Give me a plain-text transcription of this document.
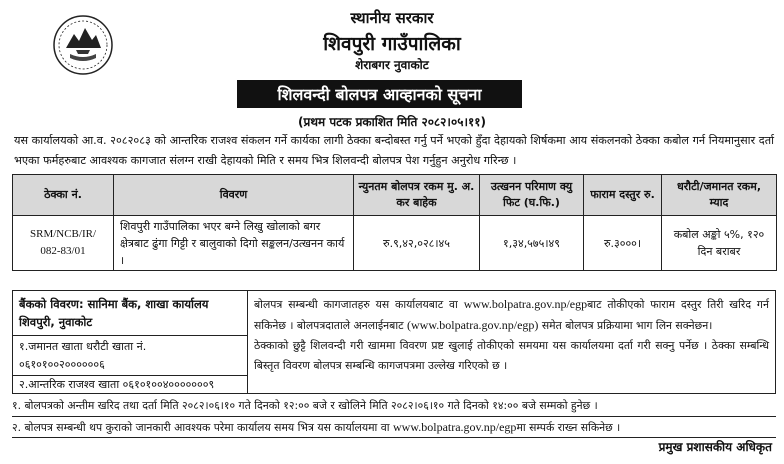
स्थानीय सरकार
शिवपुरी गाउँपालिका
शेराबगर नुवाकोट
शिलवन्दी बोलपत्र आव्हानको सूचना
(प्रथम पटक प्रकाशित मिति २०८२।०५।११)
यस कार्यालयको आ.व. २०८२०८३ को आन्तरिक राजश्व संकलन गर्ने कार्यका लागी ठेक्का बन्दोबस्त गर्नु पर्ने भएको हुँदा देहायको शिर्षकमा आय संकलनको ठेक्का कबोल गर्न नियमानुसार दर्ता भएका फर्महरुबाट आवश्यक कागजात संलग्न राखी देहायको मिति र समय भित्र शिलवन्दी बोलपत्र पेश गर्नुहुन अनुरोध गरिन्छ ।
ठेक्का नं.	विवरण	न्युनतम बोलपत्र रकम मु. अ. कर बाहेक	उत्खनन परिमाण क्यु फिट (घ.फि.)	फाराम दस्तुर रु.	धरौटी/जमानत रकम, म्याद
SRM/NCB/IR/ 082-83/01	शिवपुरी गाउँपालिका भएर बग्ने लिखु खोलाको बगर क्षेत्रबाट ढुंगा गिट्टी र बालुवाको दिगो सङ्कलन/उत्खनन कार्य ।	रु.९,४२,०२८।४५	१,३४,५७५।४९	रु.३०००।	कबोल अङ्को ५%, १२० दिन बराबर
बैंकको विवरण: सानिमा बैंक, शाखा कार्यालय शिवपुरी, नुवाकोट
१.जमानत खाता धरौटी खाता नं.
०६१०१००२००००००६
२.आन्तरिक राजश्व खाता ०६१०१००४०००००००९
बोलपत्र सम्बन्धी कागजातहरु यस कार्यालयबाट वा www.bolpatra.gov.np/egpबाट तोकीएको फाराम दस्तुर तिरी खरिद गर्न सकिनेछ । बोलपत्रदाताले अनलाईनबाट (www.bolpatra.gov.np/egp) समेत बोलपत्र प्रक्रियामा भाग लिन सक्नेछन।
ठेक्काको छुट्टै शिलवन्दी गरी खाममा विवरण प्रष्ट खुलाई तोकीएको समयमा यस कार्यालयमा दर्ता गरी सक्नु पर्नेछ । ठेक्का सम्बन्धि बिस्तृत विवरण बोलपत्र सम्बन्धि कागजपत्रमा उल्लेख गरिएको छ ।
१. बोलपत्रको अन्तीम खरिद तथा दर्ता मिति २०८२।०६।१० गते दिनको १२:०० बजे र खोलिने मिति २०८२।०६।१० गते दिनको १४:०० बजे सम्मको हुनेछ ।
२. बोलपत्र सम्बन्धी थप कुराको जानकारी आवश्यक परेमा कार्यालय समय भित्र यस कार्यालयमा वा www.bolpatra.gov.np/egpमा सम्पर्क राख्न सकिनेछ ।
प्रमुख प्रशासकीय अधिकृत
